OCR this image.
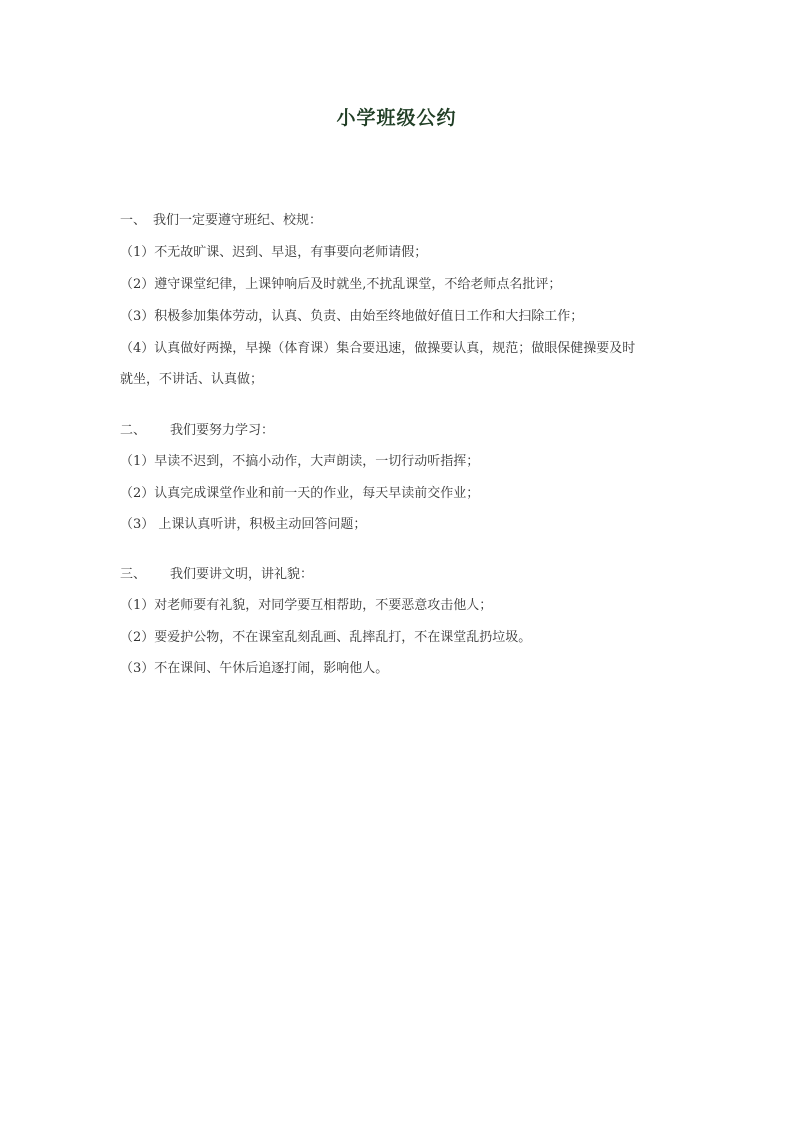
小学班级公约
一、 我们一定要遵守班纪、校规：
（1）不无故旷课、迟到、早退，有事要向老师请假；
（2）遵守课堂纪律，上课钟响后及时就坐,不扰乱课堂，不给老师点名批评；
（3）积极参加集体劳动，认真、负责、由始至终地做好值日工作和大扫除工作；
（4）认真做好两操，早操（体育课）集合要迅速，做操要认真，规范；做眼保健操要及时
就坐，不讲话、认真做；
二、 我们要努力学习：
（1）早读不迟到，不搞小动作，大声朗读，一切行动听指挥；
（2）认真完成课堂作业和前一天的作业，每天早读前交作业；
（3） 上课认真听讲，积极主动回答问题；
三、 我们要讲文明，讲礼貌：
（1）对老师要有礼貌，对同学要互相帮助，不要恶意攻击他人；
（2）要爱护公物，不在课室乱刻乱画、乱摔乱打，不在课堂乱扔垃圾。
（3）不在课间、午休后追逐打闹，影响他人。
